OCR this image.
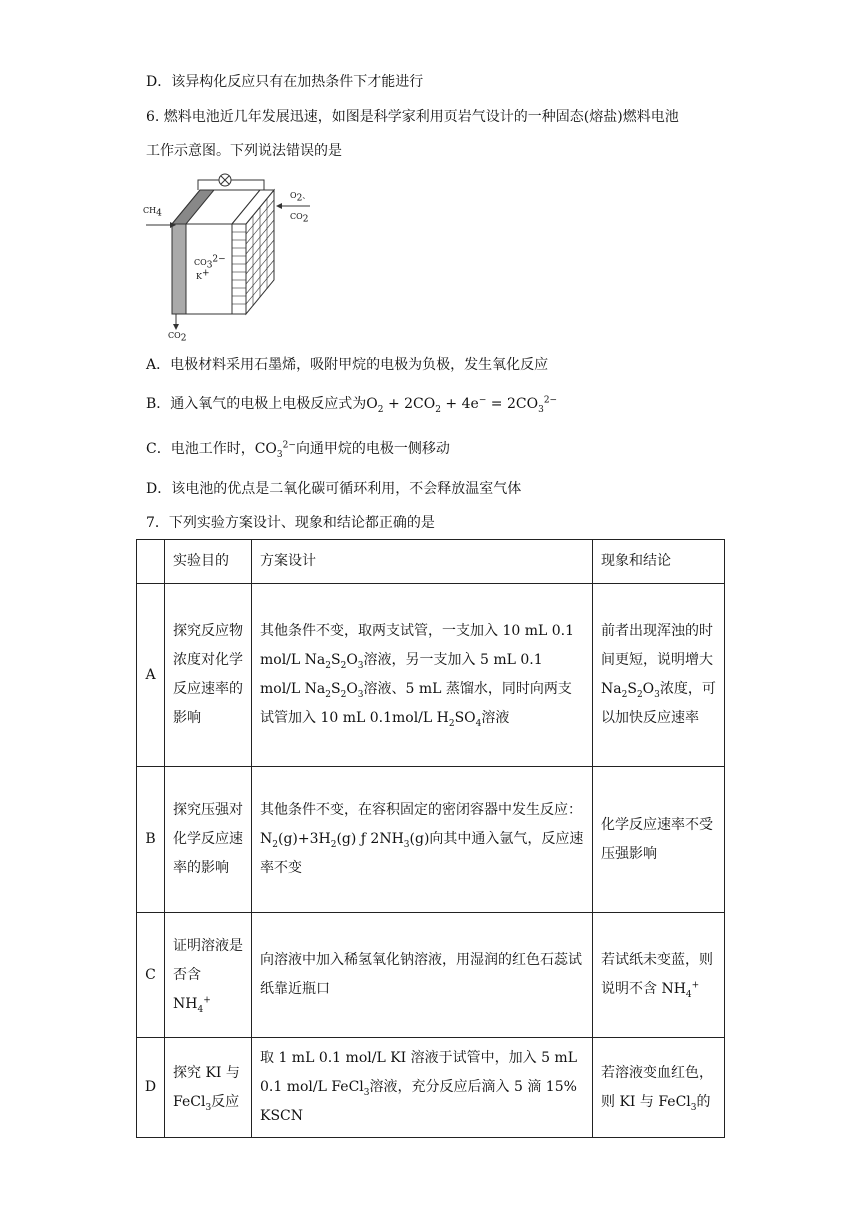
D．该异构化反应只有在加热条件下才能进行
6. 燃料电池近几年发展迅速，如图是科学家利用页岩气设计的一种固态(熔盐)燃料电池
工作示意图。下列说法错误的是
$CH_4$
$O_2$、
$CO_2$
$CO_3^{2-}$
K+
$CO_2$
A．电极材料采用石墨烯，吸附甲烷的电极为负极，发生氧化反应
B．通入氧气的电极上电极反应式为$O_2 + 2CO_2 + 4e^- = 2CO_3^{2-}$
C．电池工作时，$CO_3^{2-}$向通甲烷的电极一侧移动
D．该电池的优点是二氧化碳可循环利用，不会释放温室气体
7．下列实验方案设计、现象和结论都正确的是
	实验目的	方案设计	现象和结论
A	探究反应物浓度对化学反应速率的影响	其他条件不变，取两支试管，一支加入 10 mL 0.1 mol/L $Na_2S_2O_3$溶液，另一支加入 5 mL 0.1 mol/L $Na_2S_2O_3$溶液、5 mL 蒸馏水，同时向两支试管加入 10 mL 0.1mol/L $H_2SO_4$溶液	前者出现浑浊的时间更短，说明增大$Na_2S_2O_3$浓度，可以加快反应速率
B	探究压强对化学反应速率的影响	其他条件不变，在容积固定的密闭容器中发生反应：$N_2(g)+3H_2(g)$ ƒ $2NH_3(g)$向其中通入氩气，反应速率不变	化学反应速率不受压强影响
C	证明溶液是否含 $NH_4^+$	向溶液中加入稀氢氧化钠溶液，用湿润的红色石蕊试纸靠近瓶口	若试纸未变蓝，则说明不含 $NH_4^+$
D	探究 KI 与 FeCl$_3$反应	取 1 mL 0.1 mol/L KI 溶液于试管中，加入 5 mL 0.1 mol/L FeCl$_3$溶液，充分反应后滴入 5 滴 15% KSCN	若溶液变血红色，则 KI 与 FeCl$_3$的
